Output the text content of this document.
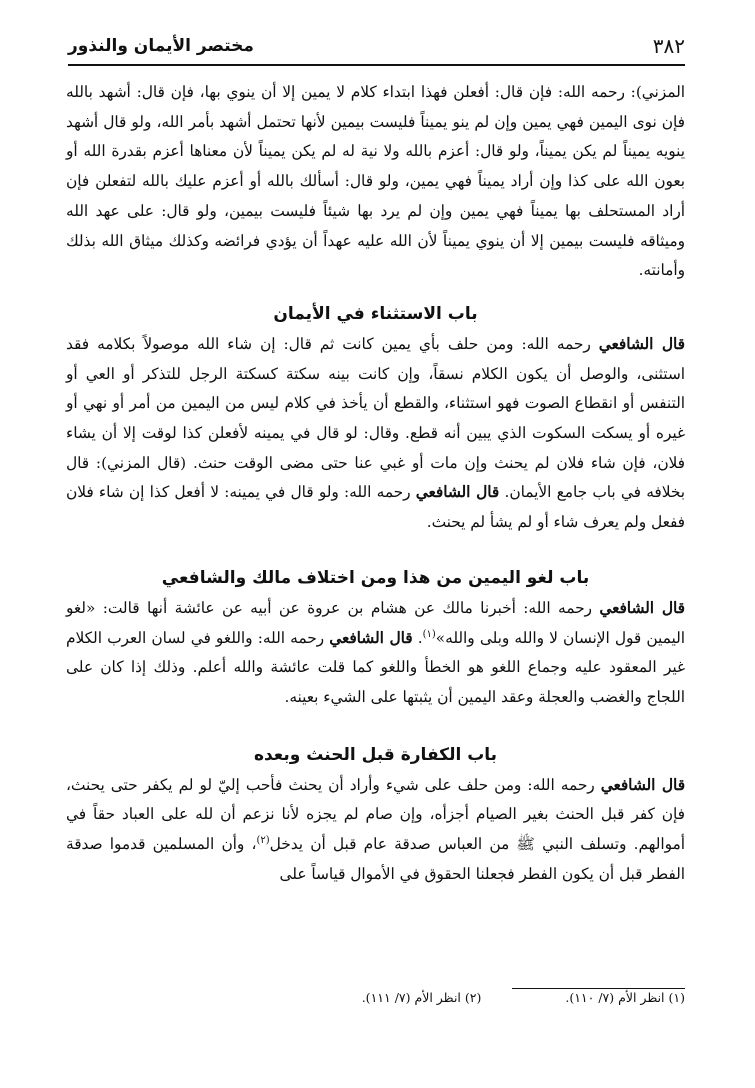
٣٨٢
مختصر الأيمان والنذور

المزني): رحمه الله: فإن قال: أفعلن فهذا ابتداء كلام لا يمين إلا أن ينوي بها، فإن قال: أشهد بالله فإن نوى اليمين فهي يمين وإن لم ينو يميناً فليست بيمين لأنها تحتمل أشهد بأمر الله، ولو قال أشهد ينويه يميناً لم يكن يميناً، ولو قال: أعزم بالله ولا نية له لم يكن يميناً لأن معناها أعزم بقدرة الله أو بعون الله على كذا وإن أراد يميناً فهي يمين، ولو قال: أسألك بالله أو أعزم عليك بالله لتفعلن فإن أراد المستحلف بها يميناً فهي يمين وإن لم يرد بها شيئاً فليست بيمين، ولو قال: على عهد الله وميثاقه فليست بيمين إلا أن ينوي يميناً لأن الله عليه عهداً أن يؤدي فرائضه وكذلك ميثاق الله بذلك وأمانته.

باب الاستثناء في الأيمان

قال الشافعي رحمه الله: ومن حلف بأي يمين كانت ثم قال: إن شاء الله موصولاً بكلامه فقد استثنى، والوصل أن يكون الكلام نسقاً، وإن كانت بينه سكتة كسكتة الرجل للتذكر أو العي أو التنفس أو انقطاع الصوت فهو استثناء، والقطع أن يأخذ في كلام ليس من اليمين من أمر أو نهي أو غيره أو يسكت السكوت الذي يبين أنه قطع. وقال: لو قال في يمينه لأفعلن كذا لوقت إلا أن يشاء فلان، فإن شاء فلان لم يحنث وإن مات أو غبي عنا حتى مضى الوقت حنث. (قال المزني): قال بخلافه في باب جامع الأيمان. قال الشافعي رحمه الله: ولو قال في يمينه: لا أفعل كذا إن شاء فلان ففعل ولم يعرف شاء أو لم يشأ لم يحنث.

باب لغو اليمين من هذا ومن اختلاف مالك والشافعي

قال الشافعي رحمه الله: أخبرنا مالك عن هشام بن عروة عن أبيه عن عائشة أنها قالت: «لغو اليمين قول الإنسان لا والله وبلى والله»$^{(١)}$. قال الشافعي رحمه الله: واللغو في لسان العرب الكلام غير المعقود عليه وجماع اللغو هو الخطأ واللغو كما قلت عائشة والله أعلم. وذلك إذا كان على اللجاج والغضب والعجلة وعقد اليمين أن يثبتها على الشيء بعينه.

باب الكفارة قبل الحنث وبعده

قال الشافعي رحمه الله: ومن حلف على شيء وأراد أن يحنث فأحب إليّ لو لم يكفر حتى يحنث، فإن كفر قبل الحنث بغير الصيام أجزأه، وإن صام لم يجزه لأنا نزعم أن لله على العباد حقاً في أموالهم. وتسلف النبي ﷺ من العباس صدقة عام قبل أن يدخل$^{(٢)}$، وأن المسلمين قدموا صدقة الفطر قبل أن يكون الفطر فجعلنا الحقوق في الأموال قياساً على

(١) انظر الأم (٧/ ١١٠). (٢) انظر الأم (٧/ ١١١).
